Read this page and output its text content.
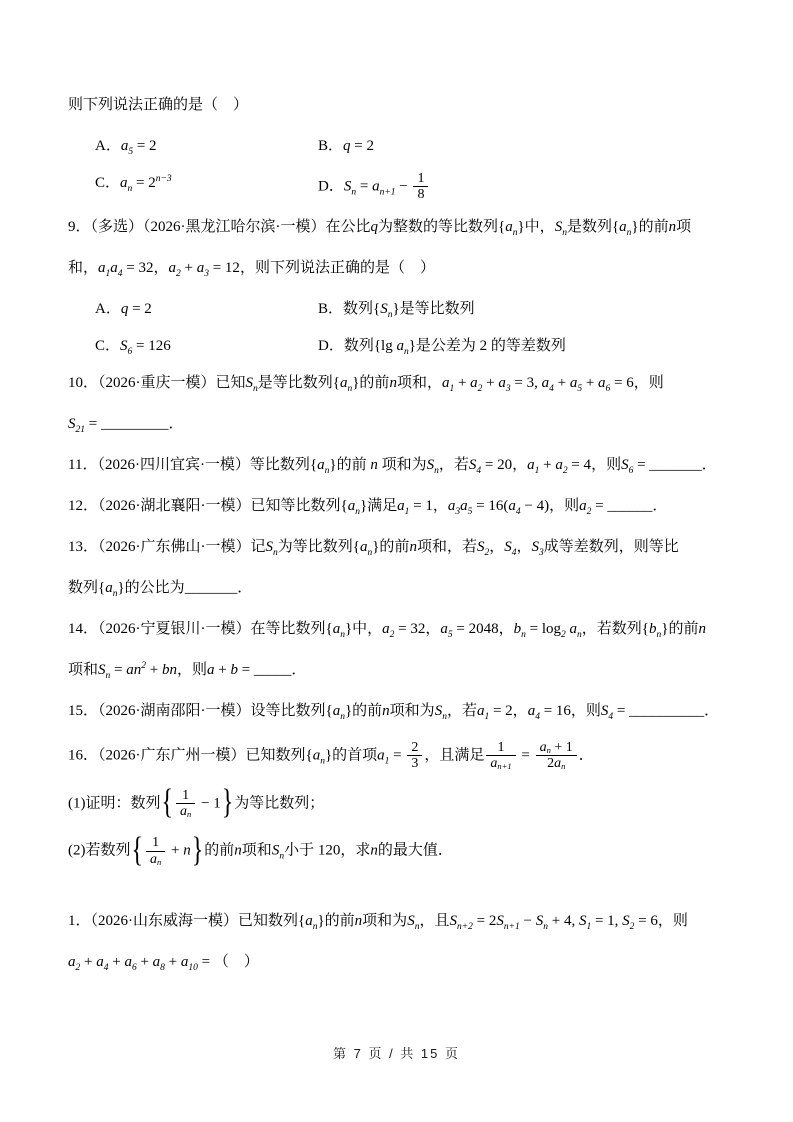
则下列说法正确的是（　）
A．$a_5 = 2$	B．q = 2
C．$a_n = 2^{n-3}$	D．$S_n = a_{n+1} - \frac{1}{8}$
9．（多选）（2026·黑龙江哈尔滨·一模）在公比q为整数的等比数列$\{a_n\}$中，$S_n$是数列$\{a_n\}$的前n项
和，$a_1a_4 = 32$，$a_2 + a_3 = 12$，则下列说法正确的是（　）
A．q = 2	B．数列$\{S_n\}$是等比数列
C．$S_6 = 126$	D．数列{lg $a_n$}是公差为 2 的等差数列
10．（2026·重庆一模）已知$S_n$是等比数列$\{a_n\}$的前n项和，$a_1 + a_2 + a_3 = 3$, $a_4 + a_5 + a_6 = 6$，则
$S_{21}$ = _________．
11．（2026·四川宜宾·一模）等比数列$\{a_n\}$的前 n 项和为$S_n$，若$S_4 = 20$，$a_1 + a_2 = 4$，则$S_6$ = _______．
12．（2026·湖北襄阳·一模）已知等比数列$\{a_n\}$满足$a_1 = 1$，$a_3a_5 = 16(a_4 - 4)$，则$a_2$ = ______．
13．（2026·广东佛山·一模）记$S_n$为等比数列$\{a_n\}$的前n项和，若$S_2$，$S_4$，$S_3$成等差数列，则等比
数列$\{a_n\}$的公比为_______．
14．（2026·宁夏银川·一模）在等比数列$\{a_n\}$中，$a_2 = 32$，$a_5 = 2048$，$b_n = \log_2 a_n$，若数列$\{b_n\}$的前n
项和$S_n = an^2$ + bn，则a + b = _____．
15．（2026·湖南邵阳·一模）设等比数列$\{a_n\}$的前n项和为$S_n$，若$a_1 = 2$，$a_4 = 16$，则$S_4$ = __________．
16．（2026·广东广州一模）已知数列$\{a_n\}$的首项$a_1 = \frac{2}{3}$ ，且满足 $\frac{1}{a_{n+1}} = \frac{a_n + 1}{2a_n}$ ．
(1)证明：数列{ $\frac{1}{a_n} - 1$}为等比数列；
(2)若数列{ $\frac{1}{a_n} + n$}的前n项和$S_n$小于 120，求n的最大值．
1．（2026·山东威海一模）已知数列$\{a_n\}$的前n项和为$S_n$，且$S_{n+2} = 2S_{n+1} - S_n + 4$, $S_1 = 1$, $S_2 = 6$，则
$a_2 + a_4 + a_6 + a_8 + a_{10}$ = （　）
第 7 页 / 共 15 页
